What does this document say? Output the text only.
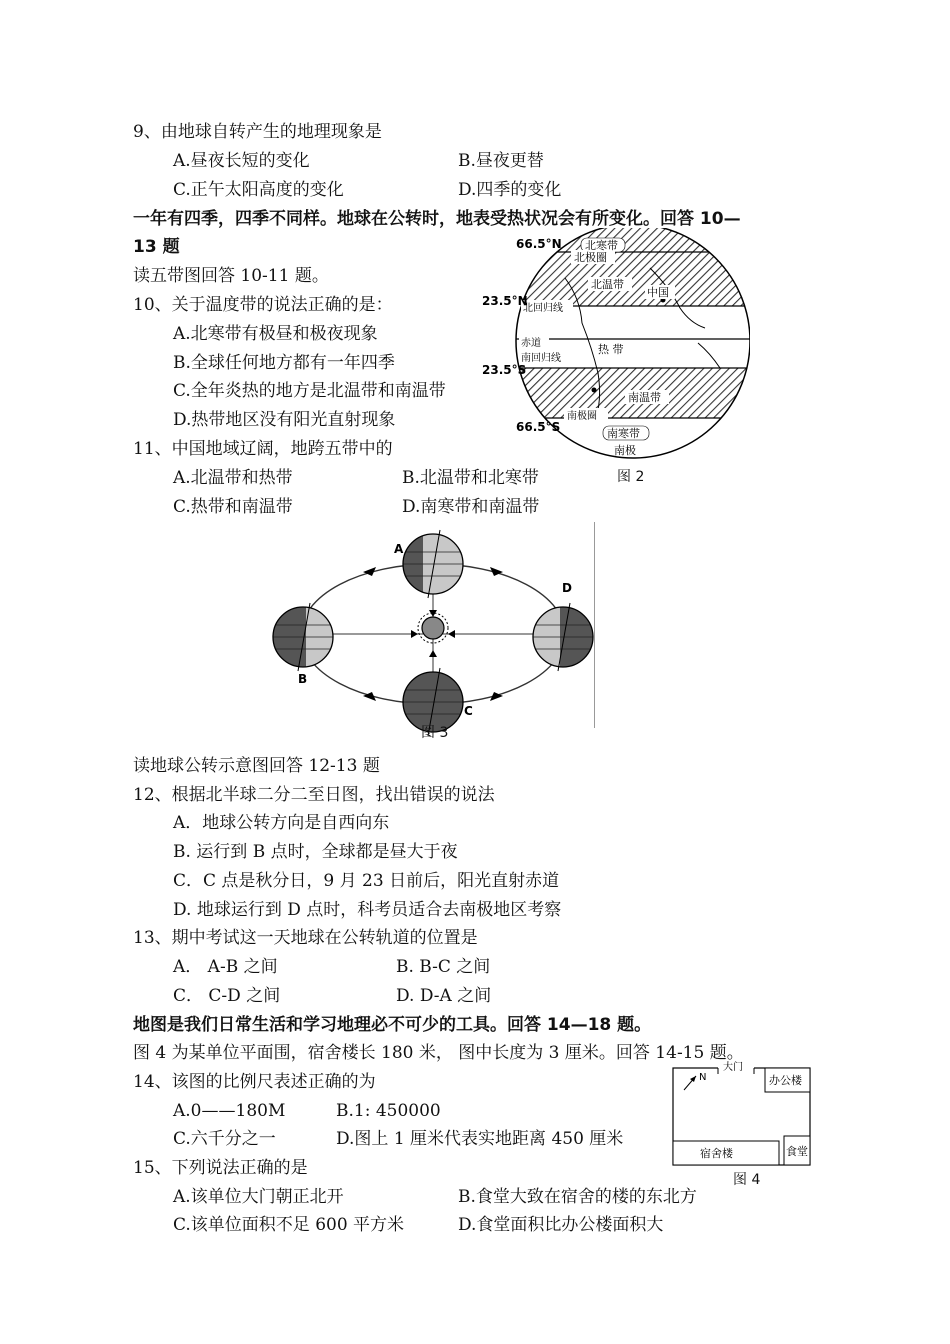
9、由地球自转产生的地理现象是
A.昼夜长短的变化	B.昼夜更替
C.正午太阳高度的变化	D.四季的变化
一年有四季，四季不同样。地球在公转时，地表受热状况会有所变化。回答 10—
13 题
读五带图回答 10-11 题。
10、关于温度带的说法正确的是：
A.北寒带有极昼和极夜现象
B.全球任何地方都有一年四季
C.全年炎热的地方是北温带和南温带
D.热带地区没有阳光直射现象
11、中国地域辽阔，地跨五带中的
A.北温带和热带	B.北温带和北寒带
C.热带和南温带	D.南寒带和南温带
66.5°N
23.5°N
23.5°S
66.5°S
北寒带
北极圈
北温带
中国
北回归线
热 带
赤道
南回归线
南温带
南极圈
南寒带
南极
图 2
A
B
C
D
图 3
读地球公转示意图回答 12-13 题
12、根据北半球二分二至日图，找出错误的说法
A．地球公转方向是自西向东
B. 运行到 B 点时，全球都是昼大于夜
C．C 点是秋分日，9 月 23 日前后，阳光直射赤道
D. 地球运行到 D 点时，科考员适合去南极地区考察
13、期中考试这一天地球在公转轨道的位置是
A． A-B 之间	B. B-C 之间
C． C-D 之间	D. D-A 之间
地图是我们日常生活和学习地理必不可少的工具。回答 14—18 题。
图 4 为某单位平面围，宿舍楼长 180 米， 图中长度为 3 厘米。回答 14-15 题。
14、该图的比例尺表述正确的为
A.0——180M	B.1: 450000
C.六千分之一	D.图上 1 厘米代表实地距离 450 厘米
N
大门
办公楼
宿舍楼	食堂
图 4
15、下列说法正确的是
A.该单位大门朝正北开	B.食堂大致在宿舍的楼的东北方
C.该单位面积不足 600 平方米	D.食堂面积比办公楼面积大
